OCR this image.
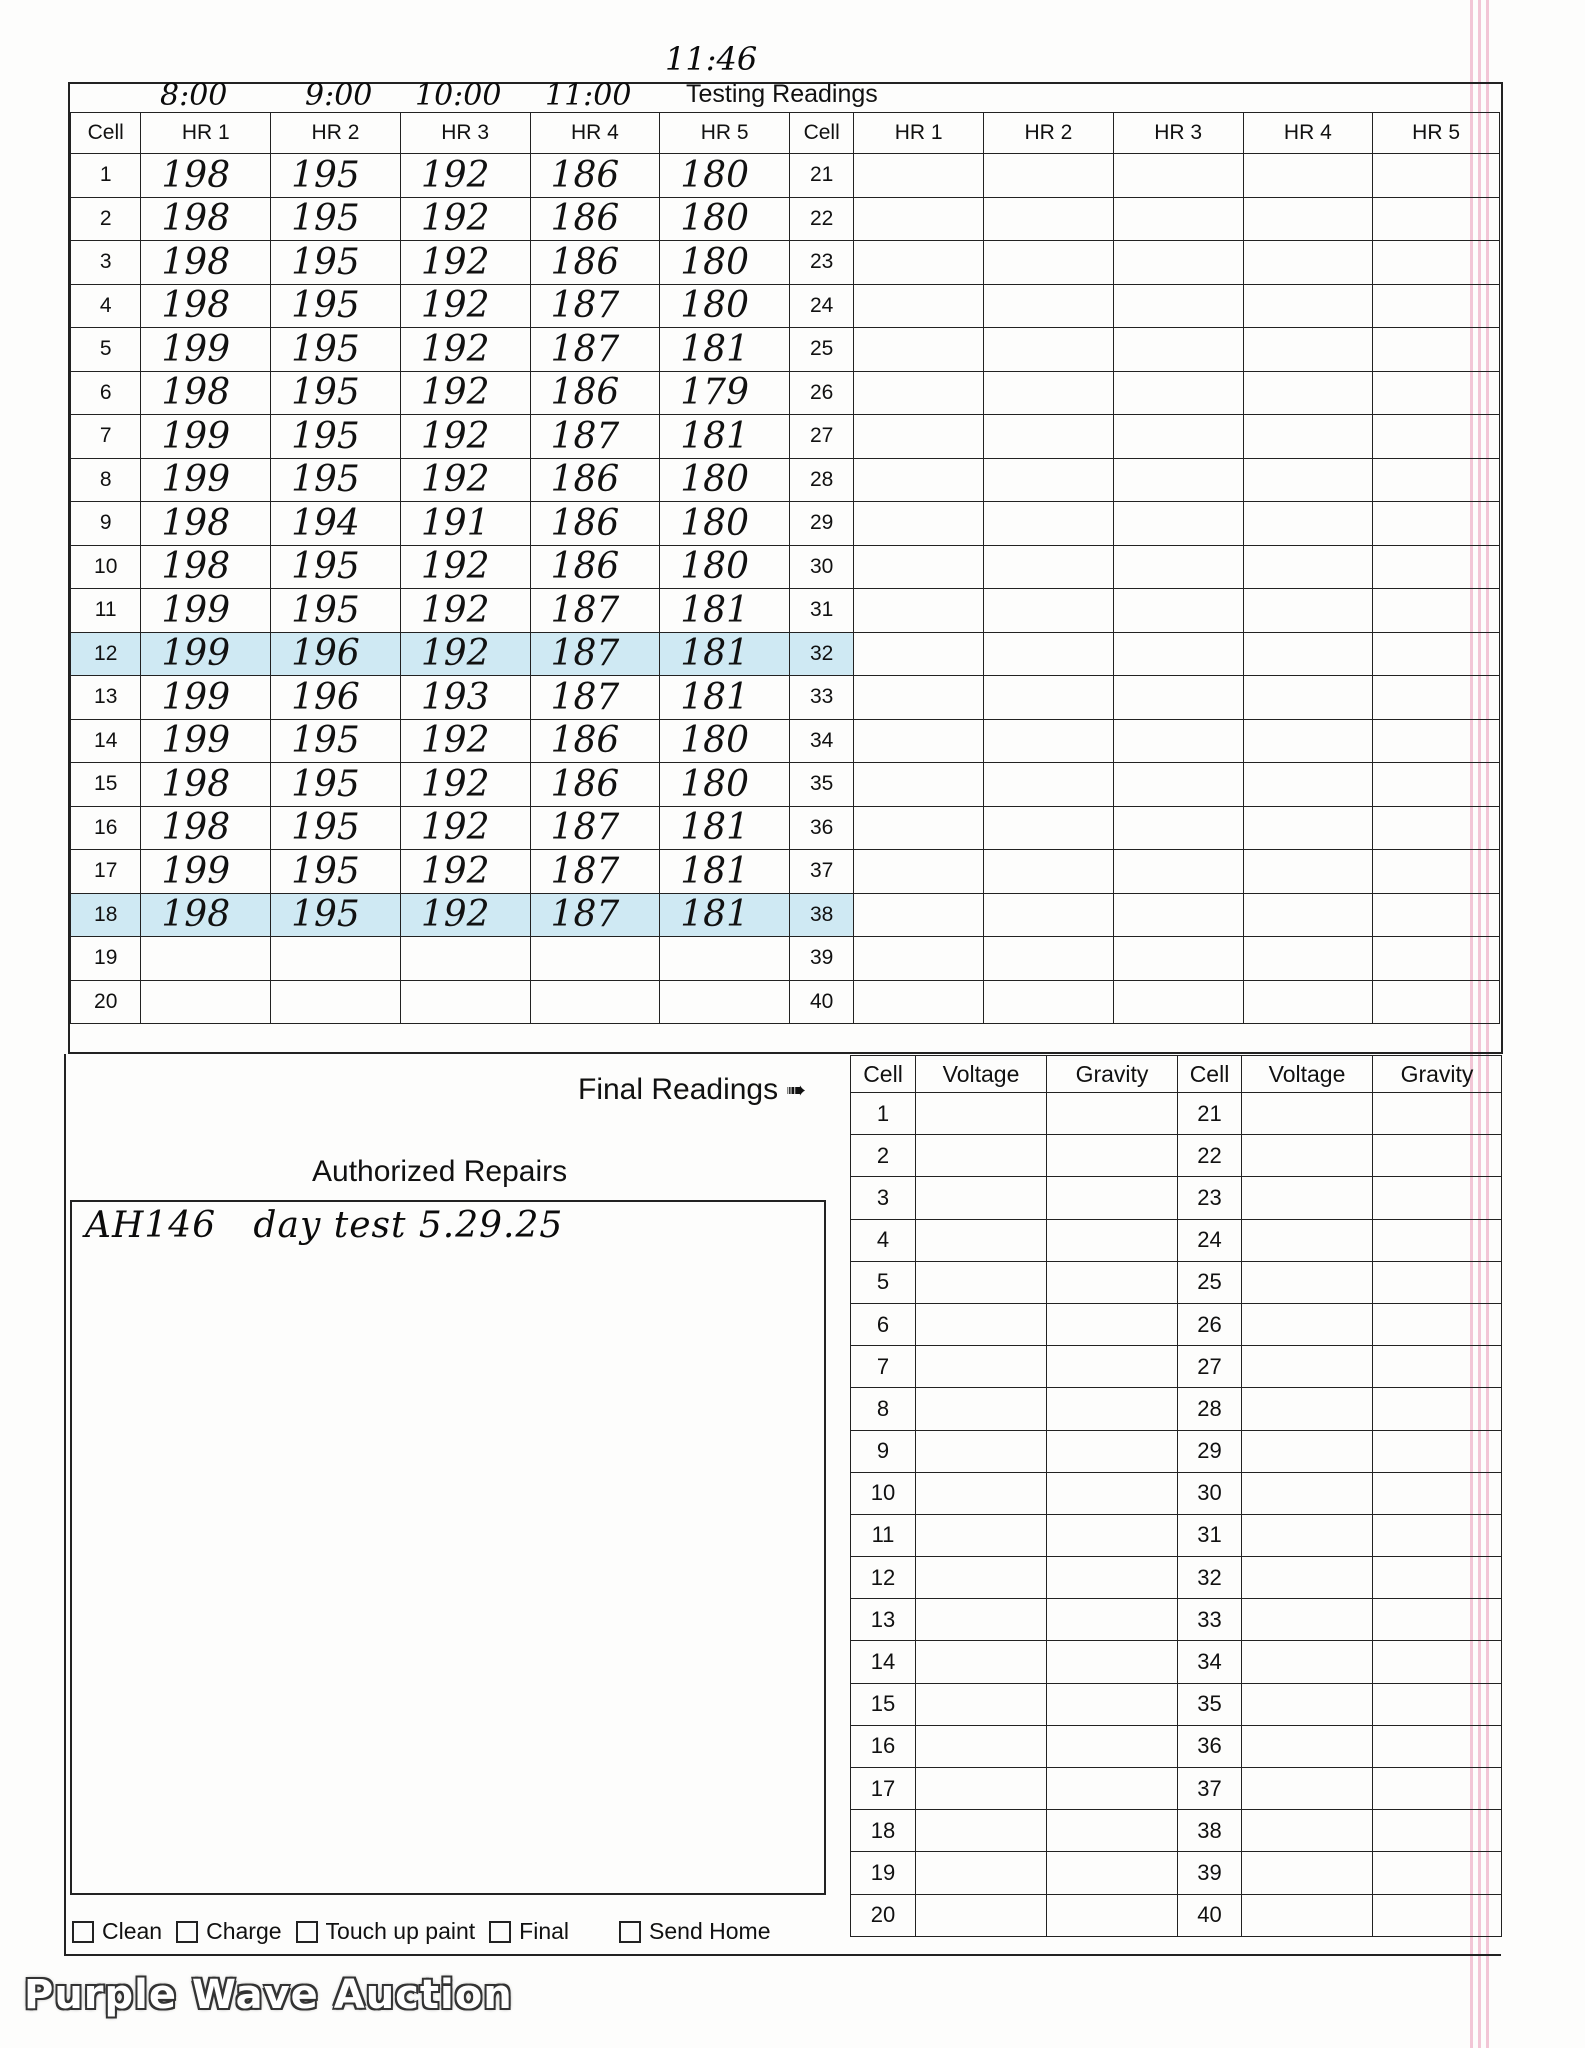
11:46
8:00	9:00 10:00 11:00 Testing Readings
Cell	HR 1	HR 2	HR 3	HR 4	HR 5	Cell	HR 1	HR 2	HR 3	HR 4	HR 5
1	198	195	192	186	180	21					
2	198	195	192	186	180	22					
3	198	195	192	186	180	23					
4	198	195	192	187	180	24					
5	199	195	192	187	181	25					
6	198	195	192	186	179	26					
7	199	195	192	187	181	27					
8	199	195	192	186	180	28					
9	198	194	191	186	180	29					
10	198	195	192	186	180	30					
11	199	195	192	187	181	31					
12	199	196	192	187	181	32					
13	199	196	193	187	181	33					
14	199	195	192	186	180	34					
15	198	195	192	186	180	35					
16	198	195	192	187	181	36					
17	199	195	192	187	181	37					
18	198	195	192	187	181	38					
19						39					
20						40					
Final Readings ➠
Cell	Voltage	Gravity	Cell	Voltage	Gravity
1			21		
2			22		
3			23		
4			24		
5			25		
6			26		
7			27		
8			28		
9			29		
10			30		
11			31		
12			32		
13			33		
14			34		
15			35		
16			36		
17			37		
18			38		
19			39		
20			40		
Authorized Repairs
AH146   day test 5.29.25
Clean Charge Touch up paint Final	Send Home
Purple Wave Auction
